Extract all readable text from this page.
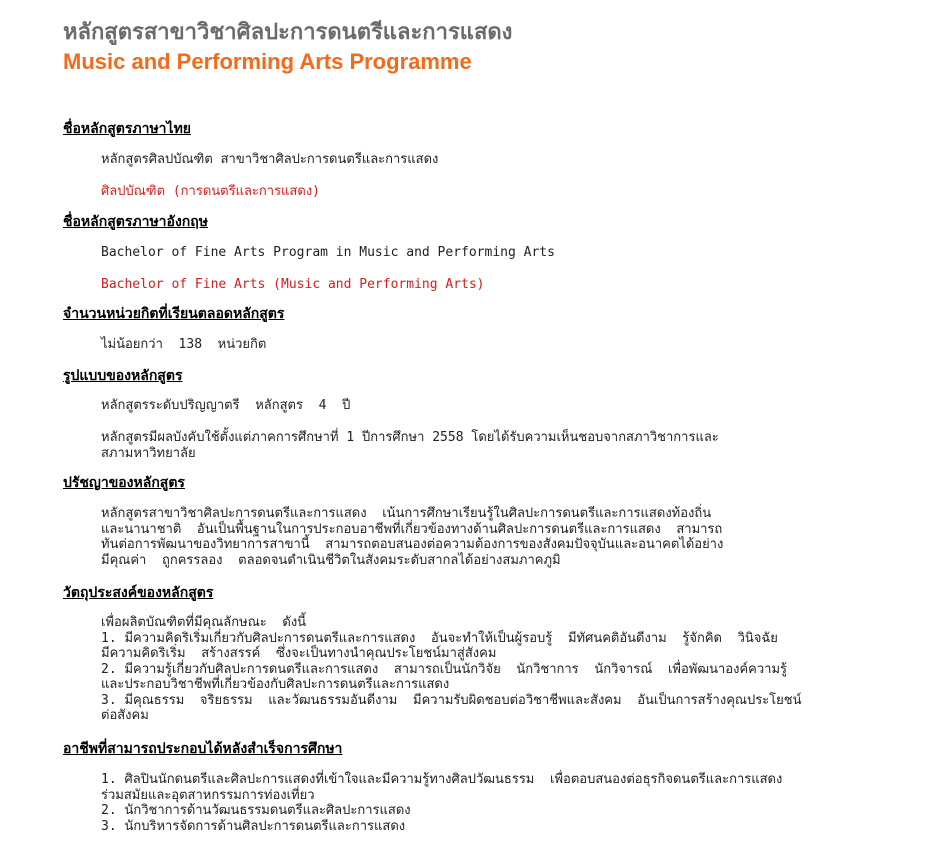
หลักสูตรสาขาวิชาศิลปะการดนตรีและการแสดง
Music and Performing Arts Programme
ชื่อหลักสูตรภาษาไทย
หลักสูตรศิลปบัณฑิต สาขาวิชาศิลปะการดนตรีและการแสดง
ศิลปบัณฑิต (การดนตรีและการแสดง)
ชื่อหลักสูตรภาษาอังกฤษ
Bachelor of Fine Arts Program in Music and Performing Arts
Bachelor of Fine Arts (Music and Performing Arts)
จำนวนหน่วยกิตที่เรียนตลอดหลักสูตร
ไม่น้อยกว่า  138  หน่วยกิต
รูปแบบของหลักสูตร
หลักสูตรระดับปริญญาตรี  หลักสูตร  4  ปี
หลักสูตรมีผลบังคับใช้ตั้งแต่ภาคการศึกษาที่ 1 ปีการศึกษา 2558 โดยได้รับความเห็นชอบจากสภาวิชาการและ
สภามหาวิทยาลัย
ปรัชญาของหลักสูตร
หลักสูตรสาขาวิชาศิลปะการดนตรีและการแสดง  เน้นการศึกษาเรียนรู้ในศิลปะการดนตรีและการแสดงท้องถิ่น
และนานาชาติ  อันเป็นพื้นฐานในการประกอบอาชีพที่เกี่ยวข้องทางด้านศิลปะการดนตรีและการแสดง  สามารถ
ทันต่อการพัฒนาของวิทยาการสาขานี้  สามารถตอบสนองต่อความต้องการของสังคมปัจจุบันและอนาคตได้อย่าง
มีคุณค่า  ถูกครรลอง  ตลอดจนดำเนินชีวิตในสังคมระดับสากลได้อย่างสมภาคภูมิ
วัตถุประสงค์ของหลักสูตร
เพื่อผลิตบัณฑิตที่มีคุณลักษณะ  ดังนี้
1. มีความคิดริเริ่มเกี่ยวกับศิลปะการดนตรีและการแสดง  อันจะทำให้เป็นผู้รอบรู้  มีทัศนคติอันดีงาม  รู้จักคิด  วินิจฉัย
มีความคิดริเริ่ม  สร้างสรรค์  ซึ่งจะเป็นทางนำคุณประโยชน์มาสู่สังคม
2. มีความรู้เกี่ยวกับศิลปะการดนตรีและการแสดง  สามารถเป็นนักวิจัย  นักวิชาการ  นักวิจารณ์  เพื่อพัฒนาองค์ความรู้
และประกอบวิชาชีพที่เกี่ยวข้องกับศิลปะการดนตรีและการแสดง
3. มีคุณธรรม  จริยธรรม  และวัฒนธรรมอันดีงาม  มีความรับผิดชอบต่อวิชาชีพและสังคม  อันเป็นการสร้างคุณประโยชน์
ต่อสังคม
อาชีพที่สามารถประกอบได้หลังสำเร็จการศึกษา
1. ศิลปินนักดนตรีและศิลปะการแสดงที่เข้าใจและมีความรู้ทางศิลปวัฒนธรรม  เพื่อตอบสนองต่อธุรกิจดนตรีและการแสดง
ร่วมสมัยและอุตสาหกรรมการท่องเที่ยว
2. นักวิชาการด้านวัฒนธรรมดนตรีและศิลปะการแสดง
3. นักบริหารจัดการด้านศิลปะการดนตรีและการแสดง
